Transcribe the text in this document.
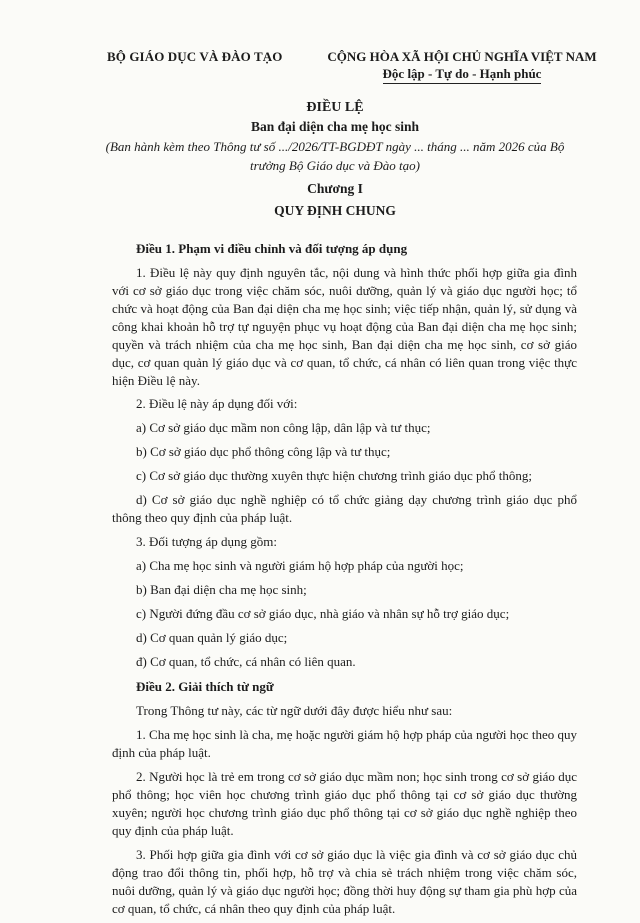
BỘ GIÁO DỤC VÀ ĐÀO TẠO	CỘNG HÒA XÃ HỘI CHỦ NGHĨA VIỆT NAM
Độc lập - Tự do - Hạnh phúc
ĐIỀU LỆ
Ban đại diện cha mẹ học sinh
(Ban hành kèm theo Thông tư số .../2026/TT-BGDĐT ngày ... tháng ... năm 2026 của Bộ trưởng Bộ Giáo dục và Đào tạo)
Chương I
QUY ĐỊNH CHUNG
Điều 1. Phạm vi điều chỉnh và đối tượng áp dụng
1. Điều lệ này quy định nguyên tắc, nội dung và hình thức phối hợp giữa gia đình với cơ sở giáo dục trong việc chăm sóc, nuôi dưỡng, quản lý và giáo dục người học; tổ chức và hoạt động của Ban đại diện cha mẹ học sinh; việc tiếp nhận, quản lý, sử dụng và công khai khoản hỗ trợ tự nguyện phục vụ hoạt động của Ban đại diện cha mẹ học sinh; quyền và trách nhiệm của cha mẹ học sinh, Ban đại diện cha mẹ học sinh, cơ sở giáo dục, cơ quan quản lý giáo dục và cơ quan, tổ chức, cá nhân có liên quan trong việc thực hiện Điều lệ này.
2. Điều lệ này áp dụng đối với:
a) Cơ sở giáo dục mầm non công lập, dân lập và tư thục;
b) Cơ sở giáo dục phổ thông công lập và tư thục;
c) Cơ sở giáo dục thường xuyên thực hiện chương trình giáo dục phổ thông;
d) Cơ sở giáo dục nghề nghiệp có tổ chức giảng dạy chương trình giáo dục phổ thông theo quy định của pháp luật.
3. Đối tượng áp dụng gồm:
a) Cha mẹ học sinh và người giám hộ hợp pháp của người học;
b) Ban đại diện cha mẹ học sinh;
c) Người đứng đầu cơ sở giáo dục, nhà giáo và nhân sự hỗ trợ giáo dục;
d) Cơ quan quản lý giáo dục;
đ) Cơ quan, tổ chức, cá nhân có liên quan.
Điều 2. Giải thích từ ngữ
Trong Thông tư này, các từ ngữ dưới đây được hiểu như sau:
1. Cha mẹ học sinh là cha, mẹ hoặc người giám hộ hợp pháp của người học theo quy định của pháp luật.
2. Người học là trẻ em trong cơ sở giáo dục mầm non; học sinh trong cơ sở giáo dục phổ thông; học viên học chương trình giáo dục phổ thông tại cơ sở giáo dục thường xuyên; người học chương trình giáo dục phổ thông tại cơ sở giáo dục nghề nghiệp theo quy định của pháp luật.
3. Phối hợp giữa gia đình với cơ sở giáo dục là việc gia đình và cơ sở giáo dục chủ động trao đổi thông tin, phối hợp, hỗ trợ và chia sẻ trách nhiệm trong việc chăm sóc, nuôi dưỡng, quản lý và giáo dục người học; đồng thời huy động sự tham gia phù hợp của cơ quan, tổ chức, cá nhân theo quy định của pháp luật.
